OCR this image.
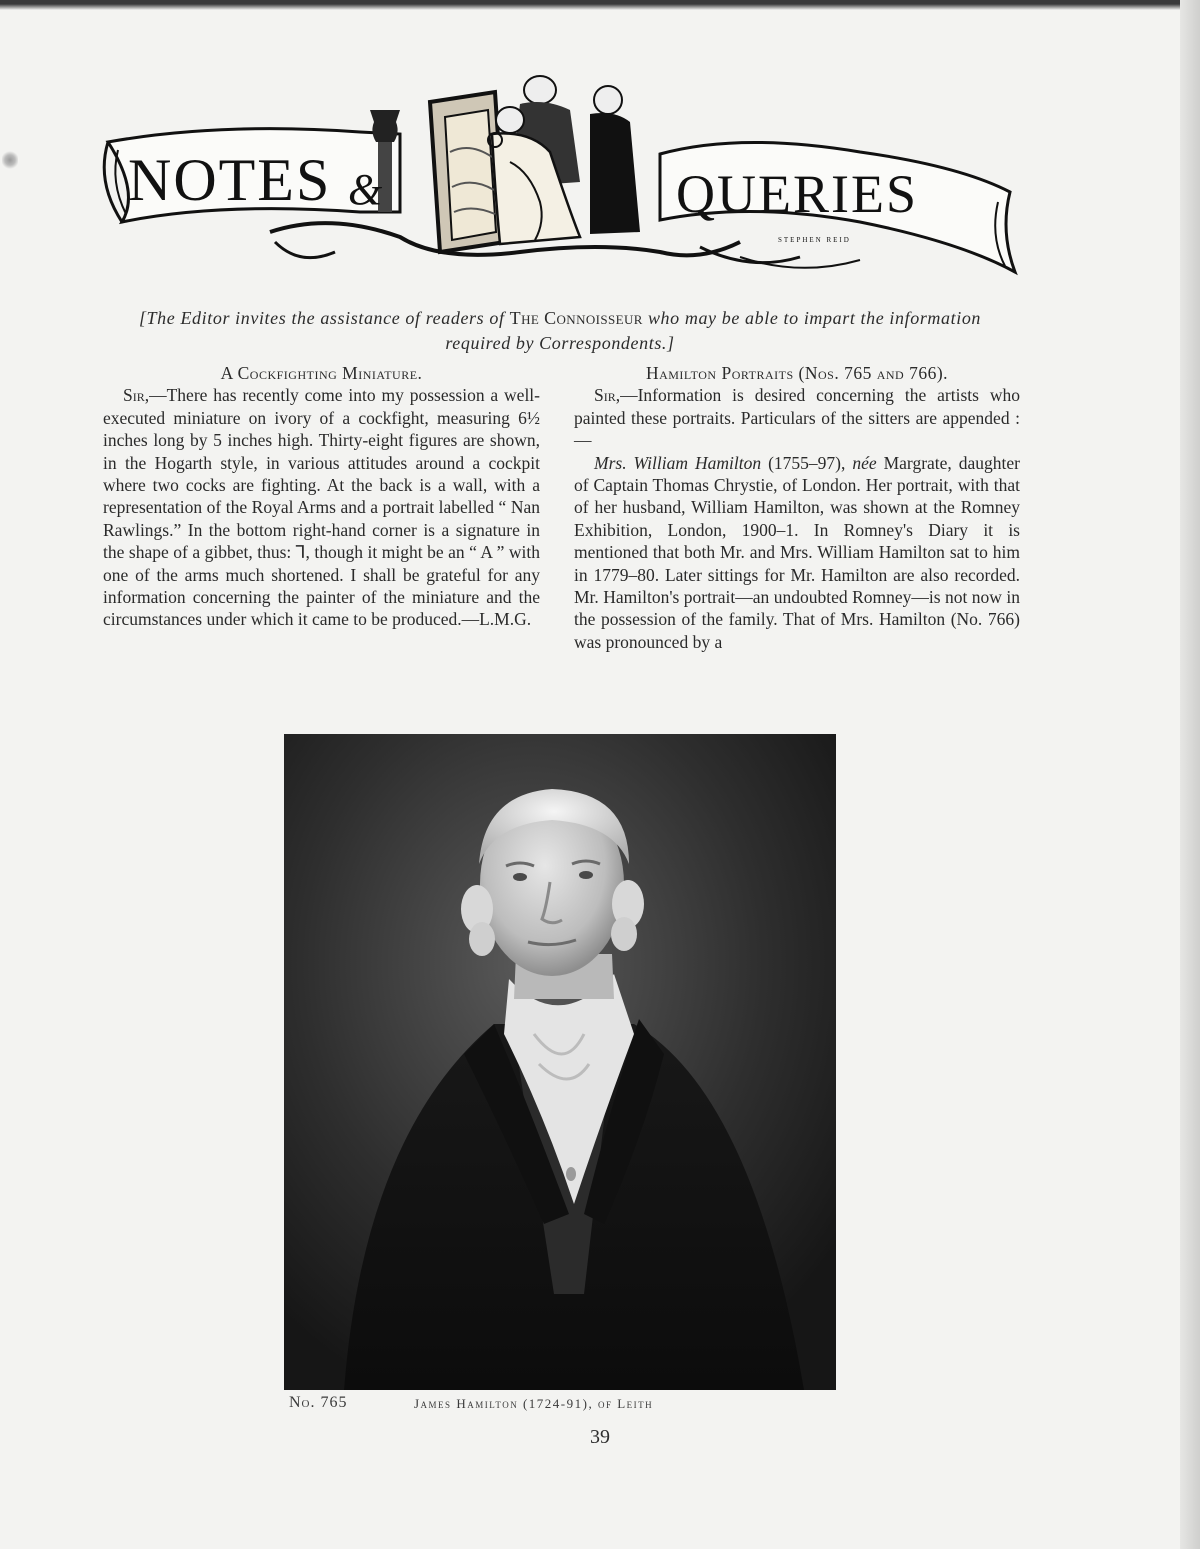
NOTES &	QUERIES
STEPHEN REID
[The Editor invites the assistance of readers of The Connoisseur who may be able to impart the information required by Correspondents.]
A Cockfighting Miniature.

Sir,—There has recently come into my possession a well-executed miniature on ivory of a cockfight, measuring 6½ inches long by 5 inches high. Thirty-eight figures are shown, in the Hogarth style, in various attitudes around a cockpit where two cocks are fighting. At the back is a wall, with a representation of the Royal Arms and a portrait labelled “ Nan Rawlings.” In the bottom right-hand corner is a signature in the shape of a gibbet, thus: ⅂, though it might be an “ A ” with one of the arms much shortened. I shall be grateful for any information concerning the painter of the miniature and the circumstances under which it came to be produced.—L.M.G.

Hamilton Portraits (Nos. 765 and 766).

Sir,—Information is desired concerning the artists who painted these portraits. Particulars of the sitters are appended :—

Mrs. William Hamilton (1755–97), née Margrate, daughter of Captain Thomas Chrystie, of London. Her portrait, with that of her husband, William Hamilton, was shown at the Romney Exhibition, London, 1900–1. In Romney's Diary it is mentioned that both Mr. and Mrs. William Hamilton sat to him in 1779–80. Later sittings for Mr. Hamilton are also recorded. Mr. Hamilton's portrait—an undoubted Romney—is not now in the possession of the family. That of Mrs. Hamilton (No. 766) was pronounced by a

No. 765	James Hamilton (1724-91), of Leith
39
